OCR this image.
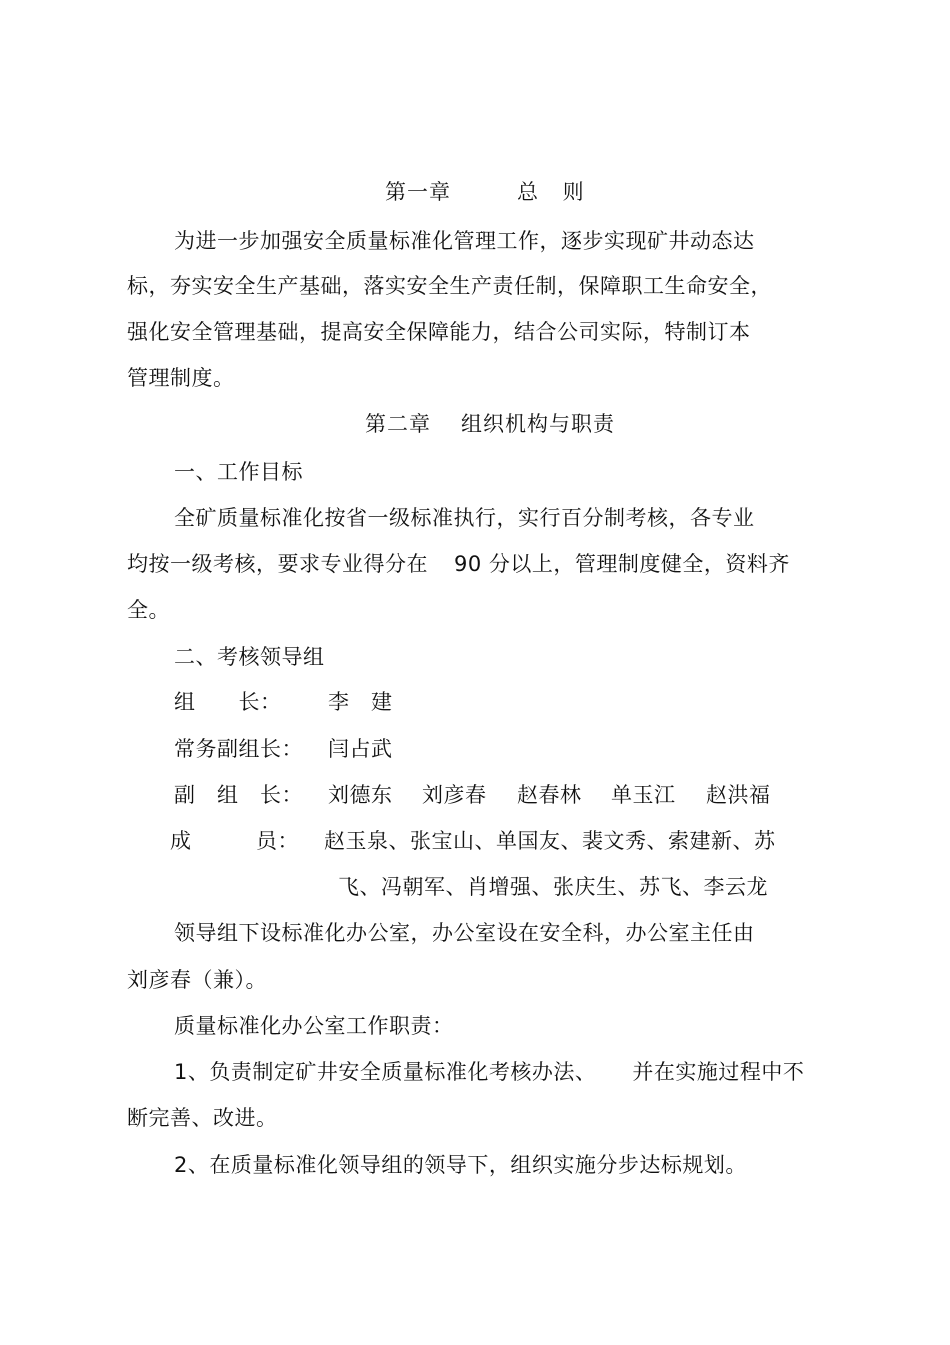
第一章	总 则
为进一步加强安全质量标准化管理工作，逐步实现矿井动态达
标，夯实安全生产基础，落实安全生产责任制，保障职工生命安全，
强化安全管理基础，提高安全保障能力，结合公司实际，特制订本
管理制度。
第二章 组织机构与职责
一、工作目标
全矿质量标准化按省一级标准执行，实行百分制考核，各专业
均按一级考核，要求专业得分在 90 分以上，管理制度健全，资料齐
全。
二、考核领导组
组　　长： 李　建
常务副组长： 闫占武
副　组　长： 刘德东 刘彦春 赵春林 单玉江 赵洪福
成　　　员： 赵玉泉、张宝山、单国友、裴文秀、索建新、苏
飞、冯朝军、肖增强、张庆生、苏飞、李云龙
领导组下设标准化办公室，办公室设在安全科，办公室主任由
刘彦春（兼）。
质量标准化办公室工作职责：
1、负责制定矿井安全质量标准化考核办法、 并在实施过程中不
断完善、改进。
2、在质量标准化领导组的领导下，组织实施分步达标规划。
